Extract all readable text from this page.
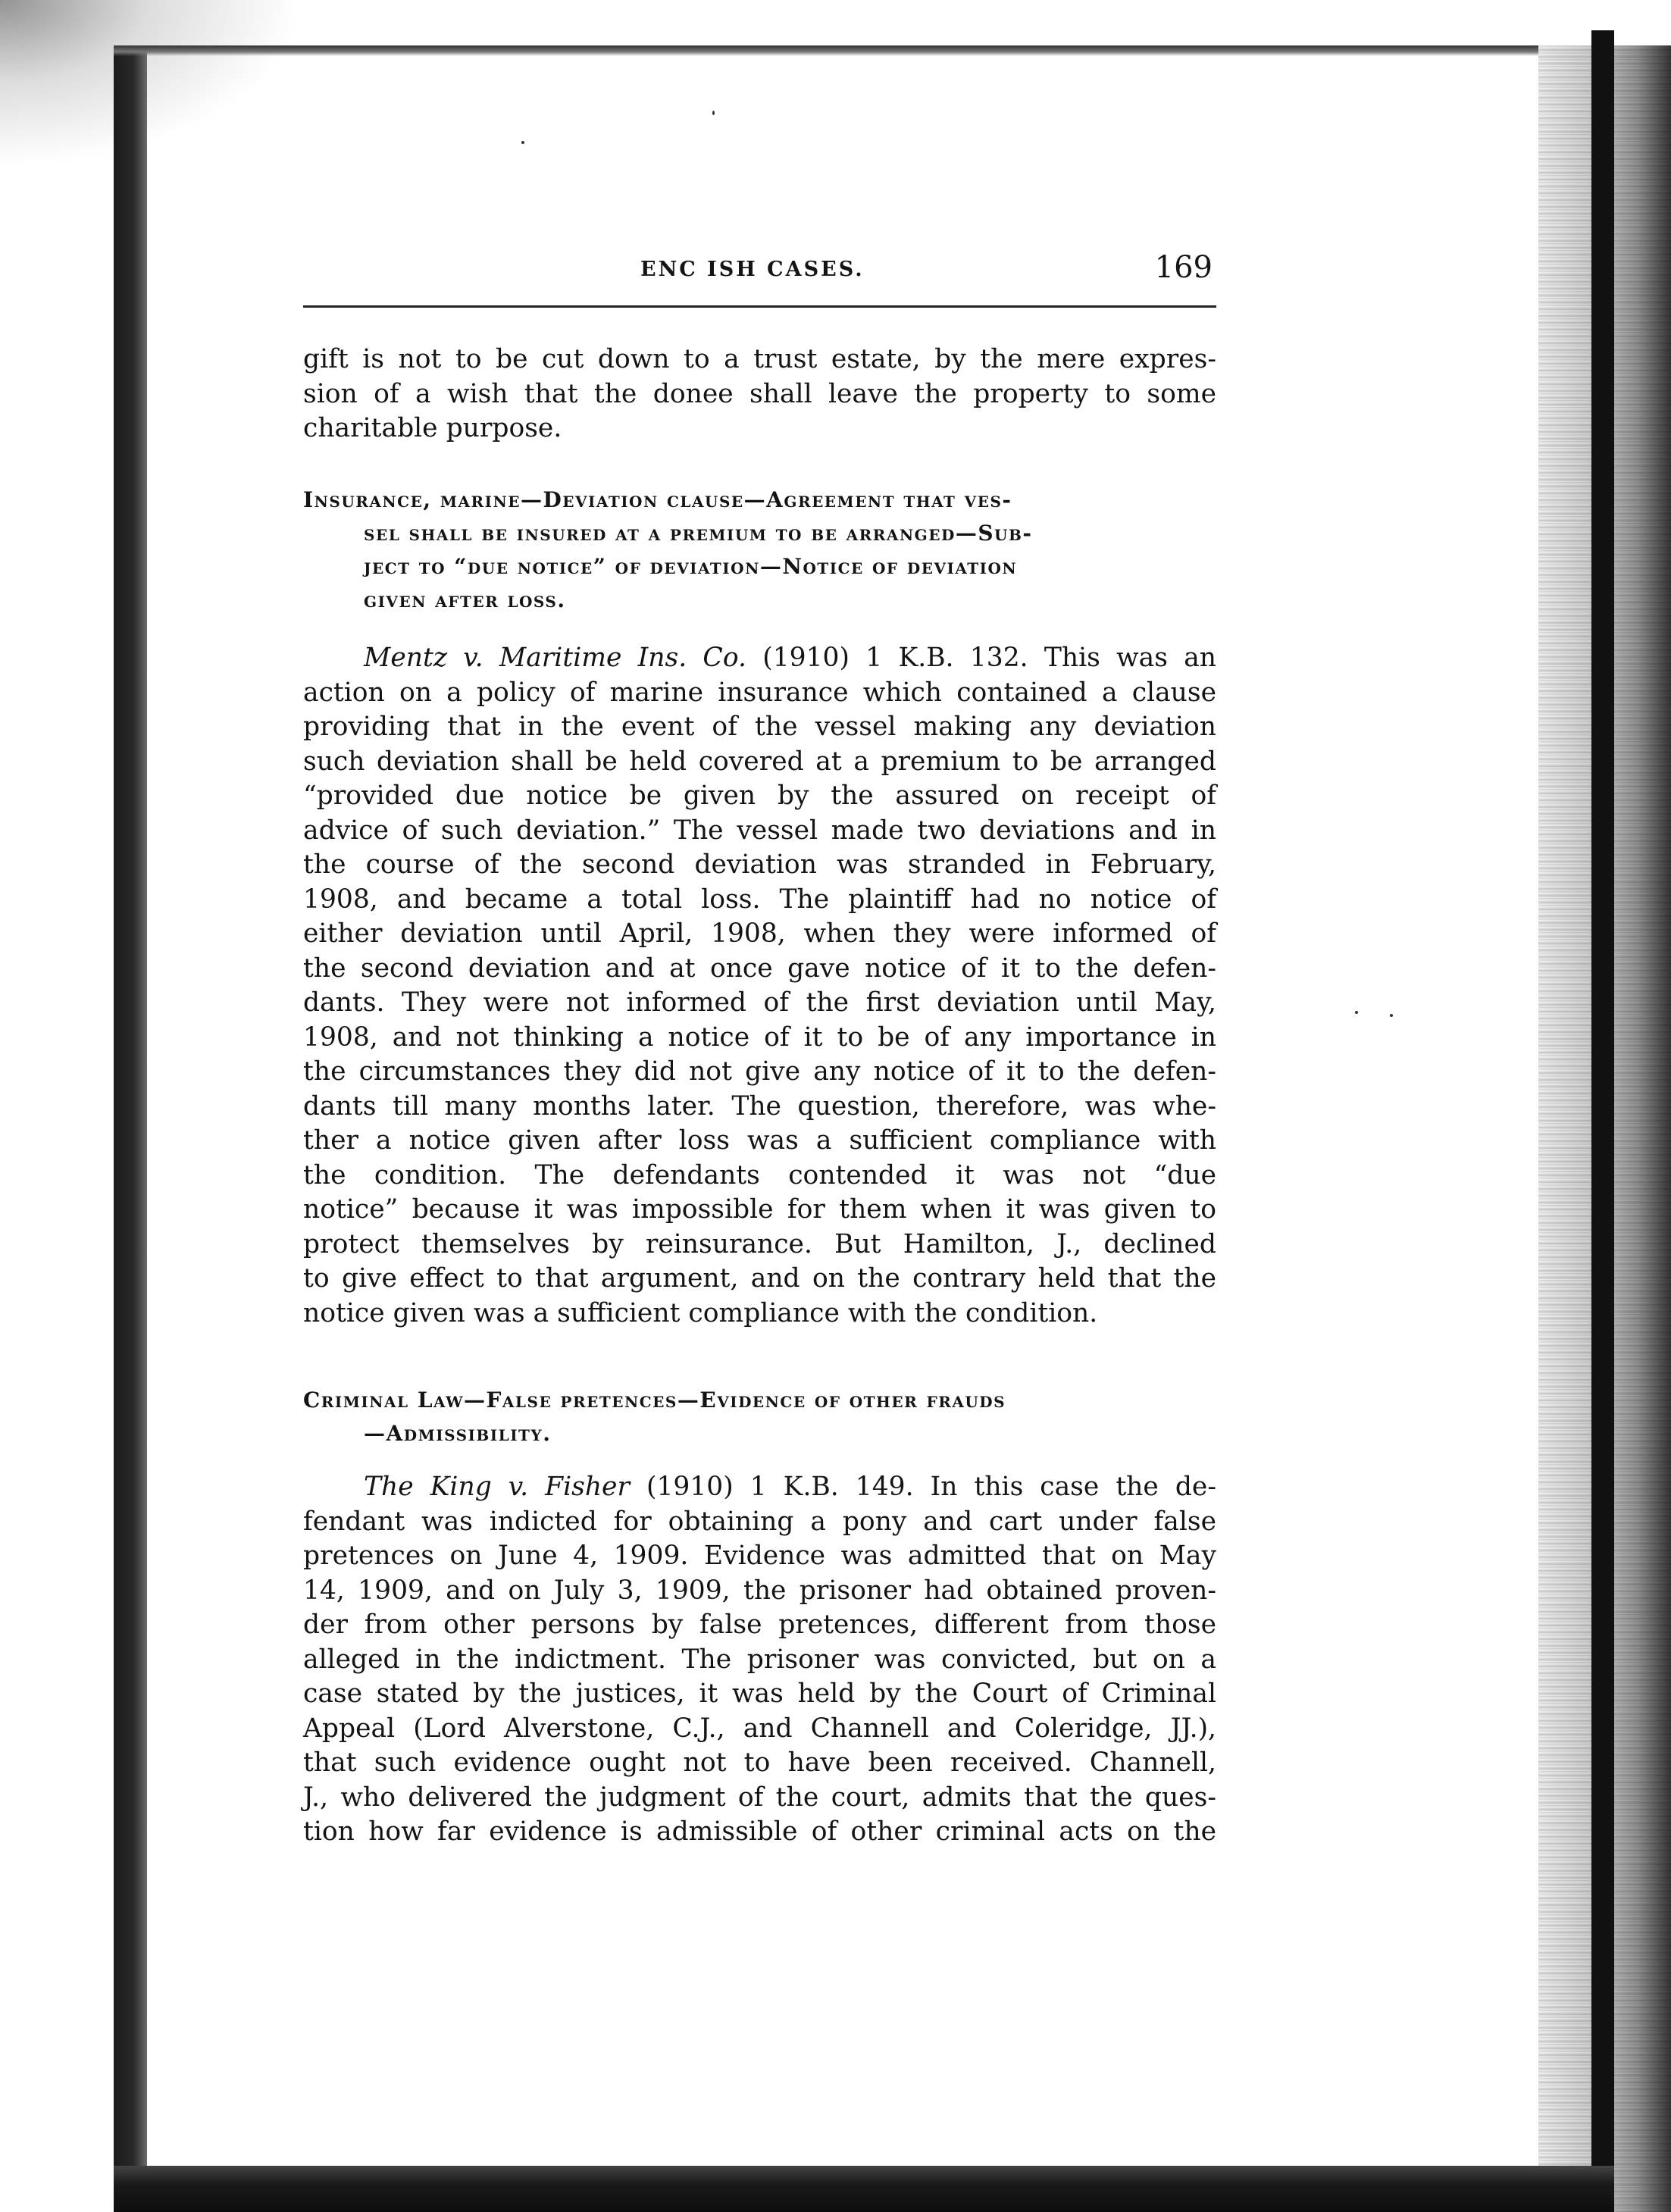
ENC ISH CASES.	169
gift is not to be cut down to a trust estate, by the mere expres-
sion of a wish that the donee shall leave the property to some
charitable purpose.
Insurance, marine—Deviation clause—Agreement that ves-
sel shall be insured at a premium to be arranged—Sub-
ject to “due notice” of deviation—Notice of deviation
given after loss.
Mentz v. Maritime Ins. Co. (1910) 1 K.B. 132. This was an
action on a policy of marine insurance which contained a clause
providing that in the event of the vessel making any deviation
such deviation shall be held covered at a premium to be arranged
“provided due notice be given by the assured on receipt of
advice of such deviation.” The vessel made two deviations and in
the course of the second deviation was stranded in February,
1908, and became a total loss. The plaintiff had no notice of
either deviation until April, 1908, when they were informed of
the second deviation and at once gave notice of it to the defen-
dants. They were not informed of the first deviation until May,
1908, and not thinking a notice of it to be of any importance in
the circumstances they did not give any notice of it to the defen-
dants till many months later. The question, therefore, was whe-
ther a notice given after loss was a sufficient compliance with
the condition. The defendants contended it was not “due
notice” because it was impossible for them when it was given to
protect themselves by reinsurance. But Hamilton, J., declined
to give effect to that argument, and on the contrary held that the
notice given was a sufficient compliance with the condition.
Criminal Law—False pretences—Evidence of other frauds
—Admissibility.
The King v. Fisher (1910) 1 K.B. 149. In this case the de-
fendant was indicted for obtaining a pony and cart under false
pretences on June 4, 1909. Evidence was admitted that on May
14, 1909, and on July 3, 1909, the prisoner had obtained proven-
der from other persons by false pretences, different from those
alleged in the indictment. The prisoner was convicted, but on a
case stated by the justices, it was held by the Court of Criminal
Appeal (Lord Alverstone, C.J., and Channell and Coleridge, JJ.),
that such evidence ought not to have been received. Channell,
J., who delivered the judgment of the court, admits that the ques-
tion how far evidence is admissible of other criminal acts on the
